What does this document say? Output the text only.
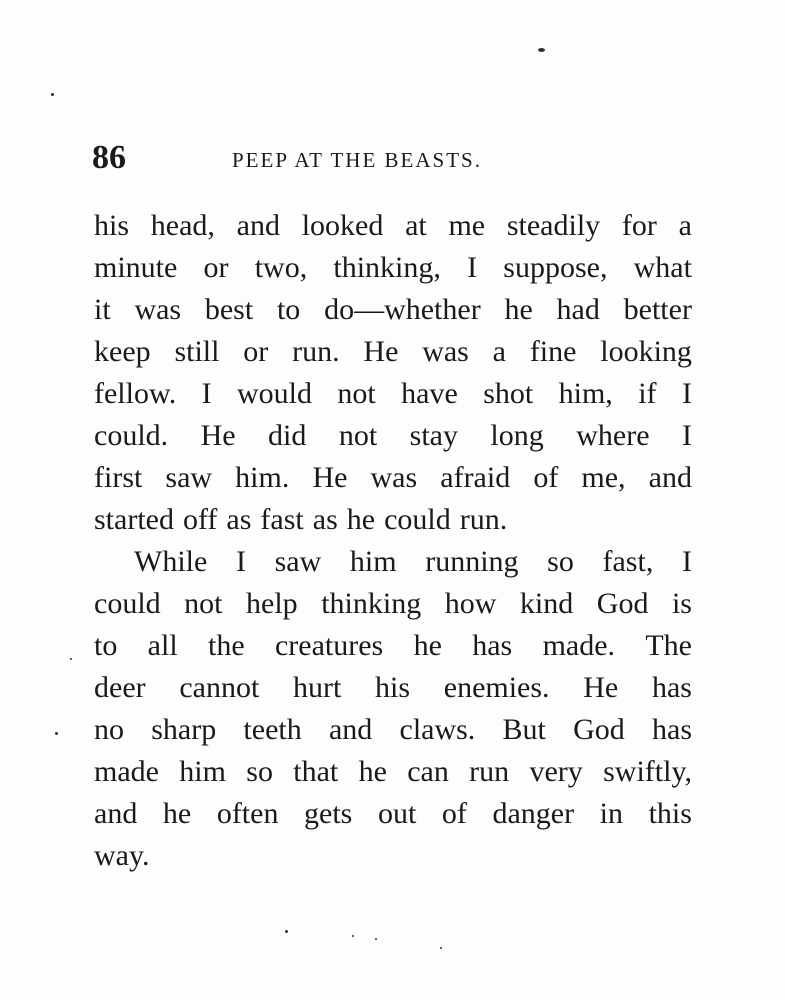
86	PEEP AT THE BEASTS.
his head, and looked at me steadily for a
minute or two, thinking, I suppose, what
it was best to do—whether he had better
keep still or run. He was a fine looking
fellow. I would not have shot him, if I
could. He did not stay long where I
first saw him. He was afraid of me, and
started off as fast as he could run.
While I saw him running so fast, I
could not help thinking how kind God is
to all the creatures he has made. The
deer cannot hurt his enemies. He has
no sharp teeth and claws. But God has
made him so that he can run very swiftly,
and he often gets out of danger in this
way.
